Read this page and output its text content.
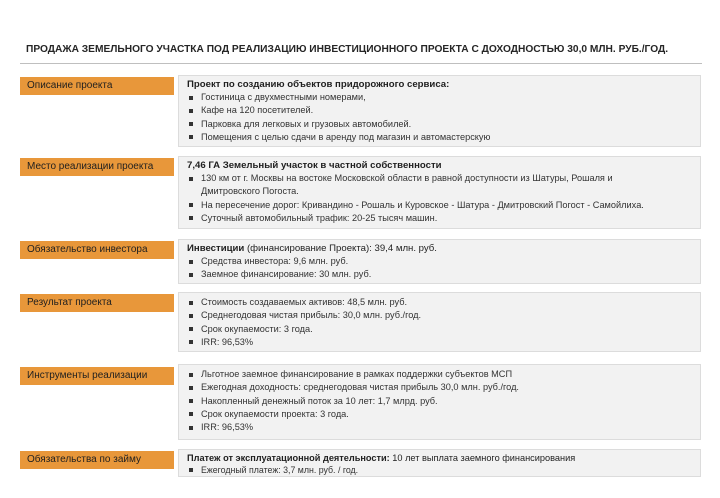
ПРОДАЖА ЗЕМЕЛЬНОГО УЧАСТКА ПОД РЕАЛИЗАЦИЮ ИНВЕСТИЦИОННОГО ПРОЕКТА С ДОХОДНОСТЬЮ 30,0 МЛН. РУБ./ГОД.
Описание проекта	Проект по созданию объектов придорожного сервиса:
Гостиница с двухместными номерами,
Кафе на 120 посетителей.
Парковка для легковых и грузовых автомобилей.
Помещения с целью сдачи в аренду под магазин и автомастерскую
Место реализации проекта	7,46 ГА Земельный участок в частной собственности
130 км от г. Москвы на востоке Московской области в равной доступности из Шатуры, Рошаля и
Дмитровского Погоста.
На пересечение дорог: Кривандино - Рошаль и Куровское - Шатура - Дмитровский Погост - Самойлихa.
Суточный автомобильный трафик: 20-25 тысяч машин.
Обязательство инвестора	Инвестиции (финансирование Проекта): 39,4 млн. руб.
Средства инвестора: 9,6 млн. руб.
Заемное финансирование: 30 млн. руб.
Результат проекта	Стоимость создаваемых активов: 48,5 млн. руб.
Среднегодовая чистая прибыль: 30,0 млн. руб./год.
Срок окупаемости: 3 года.
IRR: 96,53%
Инструменты реализации	Льготное заемное финансирование в рамках поддержки субъектов МСП
Ежегодная доходность: среднегодовая чистая прибыль 30,0 млн. руб./год.
Накопленный денежный поток за 10 лет: 1,7 млрд. руб.
Срок окупаемости проекта: 3 года.
IRR: 96,53%
Обязательства по займу	Платеж от эксплуатационной деятельности: 10 лет выплата заемного финансирования
Ежегодный платеж: 3,7 млн. руб. / год.
